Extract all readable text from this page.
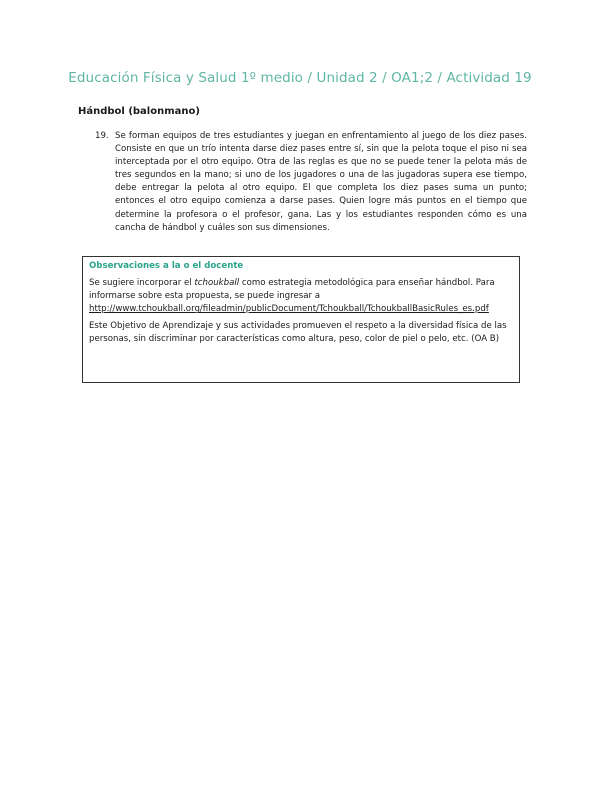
Educación Física y Salud 1º medio / Unidad 2 / OA1;2 / Actividad 19
Hándbol (balonmano)
19. Se forman equipos de tres estudiantes y juegan en enfrentamiento al juego de los diez pases. Consiste en que un trío intenta darse diez pases entre sí, sin que la pelota toque el piso ni sea interceptada por el otro equipo. Otra de las reglas es que no se puede tener la pelota más de tres segundos en la mano; si uno de los jugadores o una de las jugadoras supera ese tiempo, debe entregar la pelota al otro equipo. El que completa los diez pases suma un punto; entonces el otro equipo comienza a darse pases. Quien logre más puntos en el tiempo que determine la profesora o el profesor, gana. Las y los estudiantes responden cómo es una cancha de hándbol y cuáles son sus dimensiones.
Observaciones a la o el docente

Se sugiere incorporar el tchoukball como estrategia metodológica para enseñar hándbol. Para informarse sobre esta propuesta, se puede ingresar a
http://www.tchoukball.org/fileadmin/publicDocument/Tchoukball/TchoukballBasicRules_es.pdf

Este Objetivo de Aprendizaje y sus actividades promueven el respeto a la diversidad física de las personas, sin discriminar por características como altura, peso, color de piel o pelo, etc. (OA B)
